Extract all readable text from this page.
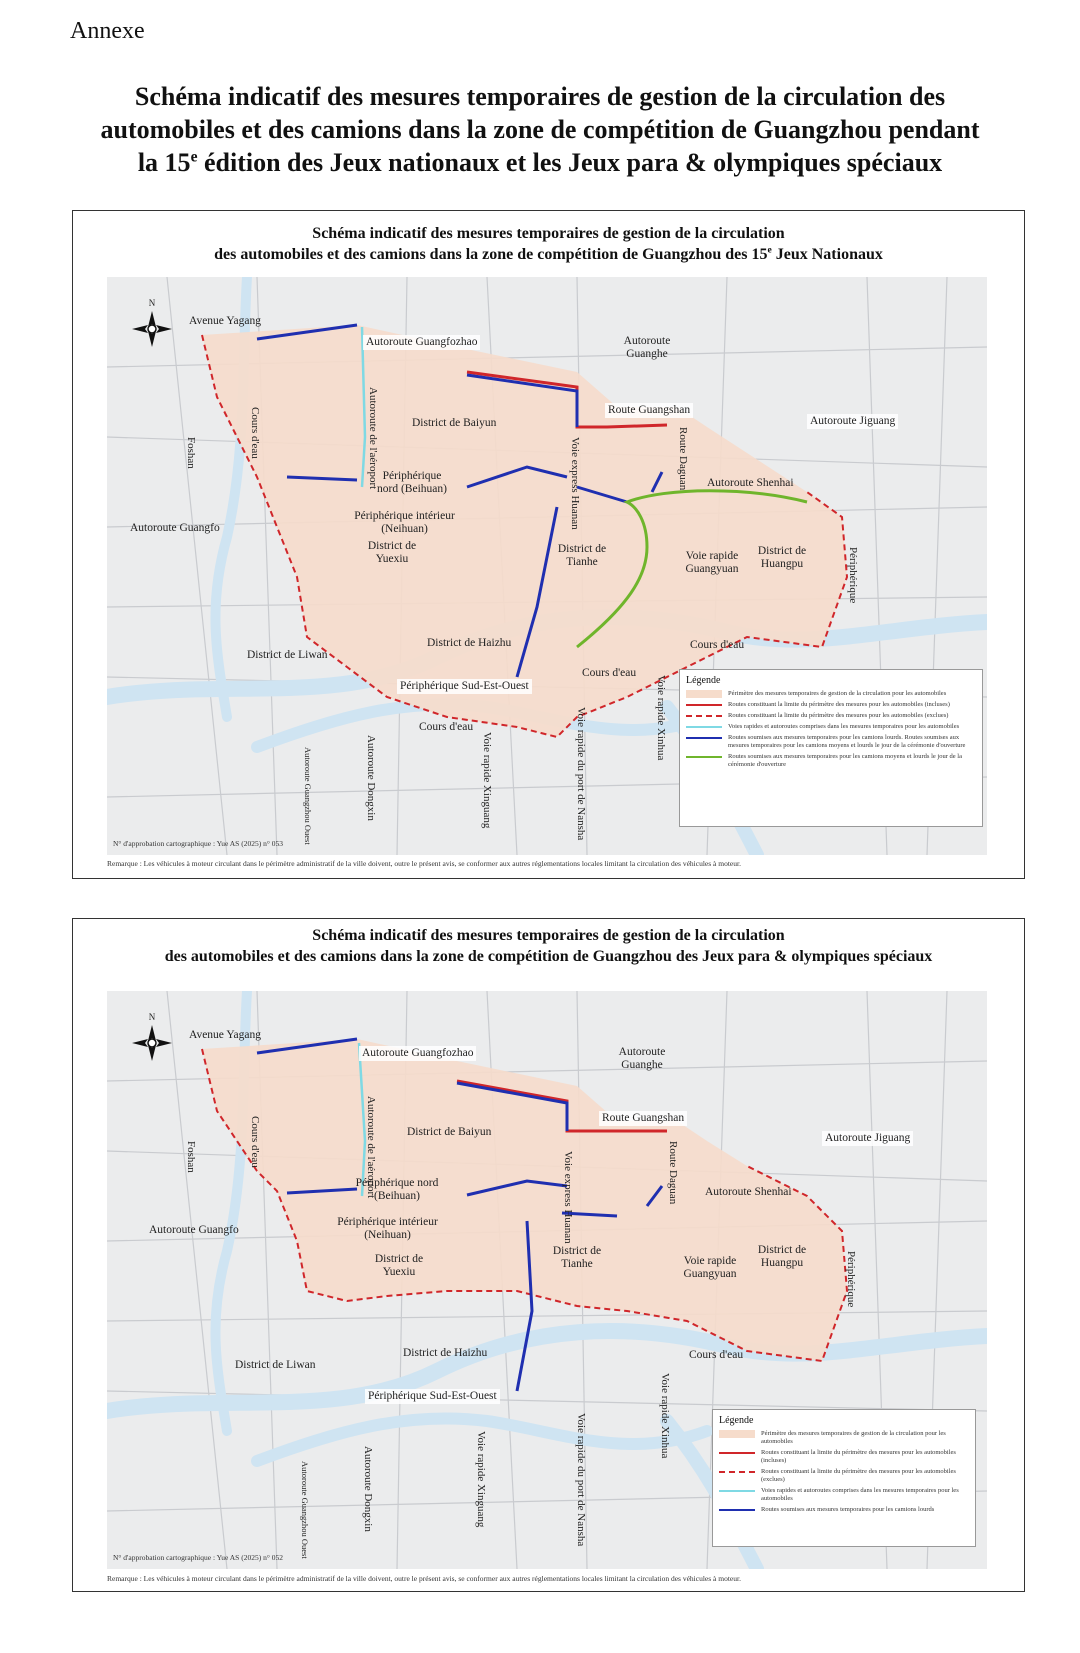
Annexe
Schéma indicatif des mesures temporaires de gestion de la circulation des
automobiles et des camions dans la zone de compétition de Guangzhou pendant
la 15e édition des Jeux nationaux et les Jeux para & olympiques spéciaux
Schéma indicatif des mesures temporaires de gestion de la circulation
des automobiles et des camions dans la zone de compétition de Guangzhou des 15e Jeux Nationaux
N
Avenue Yagang
Autoroute Guangfozhao	Autoroute Guanghe
Route Guangshan
Autoroute Jiguang
District de Baiyun
Autoroute de l'aéroport
Cours d'eau
Foshan	Voie express Huanan	Route Daguan Autoroute Shenhai
Périphérique nord (Beihuan)
Périphérique intérieur (Neihuan)
Autoroute Guangfo
District de Yuexiu
District de Tianhe	Voie rapide Guangyuan
District de Huangpu	Périphérique
District de Liwan
District de Haizhu	Cours d'eau
Cours d'eau
Périphérique Sud-Est-Ouest	Voie rapide Xinhua
Cours d'eau
Autoroute Guangzhou Ouest	Autoroute Dongxin	Voie rapide Xinguang	Voie rapide du port de Nansha
Légende
Périmètre des mesures temporaires de gestion de la circulation pour les automobiles
Routes constituant la limite du périmètre des mesures pour les automobiles (incluses)
Routes constituant la limite du périmètre des mesures pour les automobiles (exclues)
Voies rapides et autoroutes comprises dans les mesures temporaires pour les automobiles
Routes soumises aux mesures temporaires pour les camions lourds. Routes soumises aux mesures temporaires pour les camions moyens et lourds le jour de la cérémonie d'ouverture
Routes soumises aux mesures temporaires pour les camions moyens et lourds le jour de la cérémonie d'ouverture
N° d'approbation cartographique : Yue AS (2025) n° 053
Remarque : Les véhicules à moteur circulant dans le périmètre administratif de la ville doivent, outre le présent avis, se conformer aux autres réglementations locales limitant la circulation des véhicules à moteur.
Schéma indicatif des mesures temporaires de gestion de la circulation
des automobiles et des camions dans la zone de compétition de Guangzhou des Jeux para & olympiques spéciaux
N
Avenue Yagang
Autoroute Guangfozhao	Autoroute Guanghe
Route Guangshan
Autoroute Jiguang
District de Baiyun
Autoroute de l'aéroport
Cours d'eau
Foshan	Voie express Huanan	Route Daguan Autoroute Shenhai
Périphérique nord (Beihuan)
Périphérique intérieur (Neihuan)
Autoroute Guangfo
District de Yuexiu
District de Tianhe	Voie rapide Guangyuan
District de Huangpu	Périphérique
District de Liwan
District de Haizhu	Cours d'eau
Périphérique Sud-Est-Ouest	Voie rapide Xinhua
Autoroute Guangzhou Ouest	Autoroute Dongxin	Voie rapide Xinguang	Voie rapide du port de Nansha	Légende
Périmètre des mesures temporaires de gestion de la circulation pour les automobiles
Routes constituant la limite du périmètre des mesures pour les automobiles (incluses)
Routes constituant la limite du périmètre des mesures pour les automobiles (exclues)
Voies rapides et autoroutes comprises dans les mesures temporaires pour les automobiles
Routes soumises aux mesures temporaires pour les camions lourds
N° d'approbation cartographique : Yue AS (2025) n° 052
Remarque : Les véhicules à moteur circulant dans le périmètre administratif de la ville doivent, outre le présent avis, se conformer aux autres réglementations locales limitant la circulation des véhicules à moteur.
